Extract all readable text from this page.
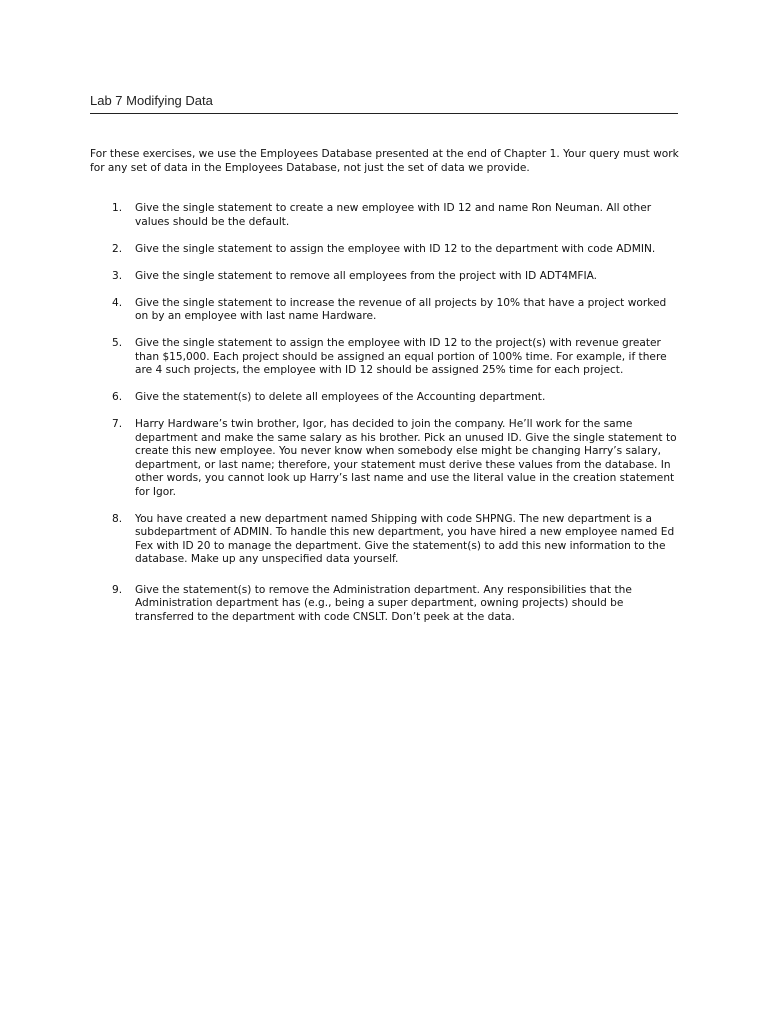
Lab 7 Modifying Data

For these exercises, we use the Employees Database presented at the end of Chapter 1. Your query must work for any set of data in the Employees Database, not just the set of data we provide.

1. Give the single statement to create a new employee with ID 12 and name Ron Neuman. All other values should be the default.
2. Give the single statement to assign the employee with ID 12 to the department with code ADMIN.
3. Give the single statement to remove all employees from the project with ID ADT4MFIA.
4. Give the single statement to increase the revenue of all projects by 10% that have a project worked on by an employee with last name Hardware.
5. Give the single statement to assign the employee with ID 12 to the project(s) with revenue greater than $15,000. Each project should be assigned an equal portion of 100% time. For example, if there are 4 such projects, the employee with ID 12 should be assigned 25% time for each project.
6. Give the statement(s) to delete all employees of the Accounting department.
7. Harry Hardware’s twin brother, Igor, has decided to join the company. He’ll work for the same department and make the same salary as his brother. Pick an unused ID. Give the single statement to create this new employee. You never know when somebody else might be changing Harry’s salary, department, or last name; therefore, your statement must derive these values from the database. In other words, you cannot look up Harry’s last name and use the literal value in the creation statement for Igor.
8. You have created a new department named Shipping with code SHPNG. The new department is a subdepartment of ADMIN. To handle this new department, you have hired a new employee named Ed Fex with ID 20 to manage the department. Give the statement(s) to add this new information to the database. Make up any unspecified data yourself.
9. Give the statement(s) to remove the Administration department. Any responsibilities that the Administration department has (e.g., being a super department, owning projects) should be transferred to the department with code CNSLT. Don’t peek at the data.
